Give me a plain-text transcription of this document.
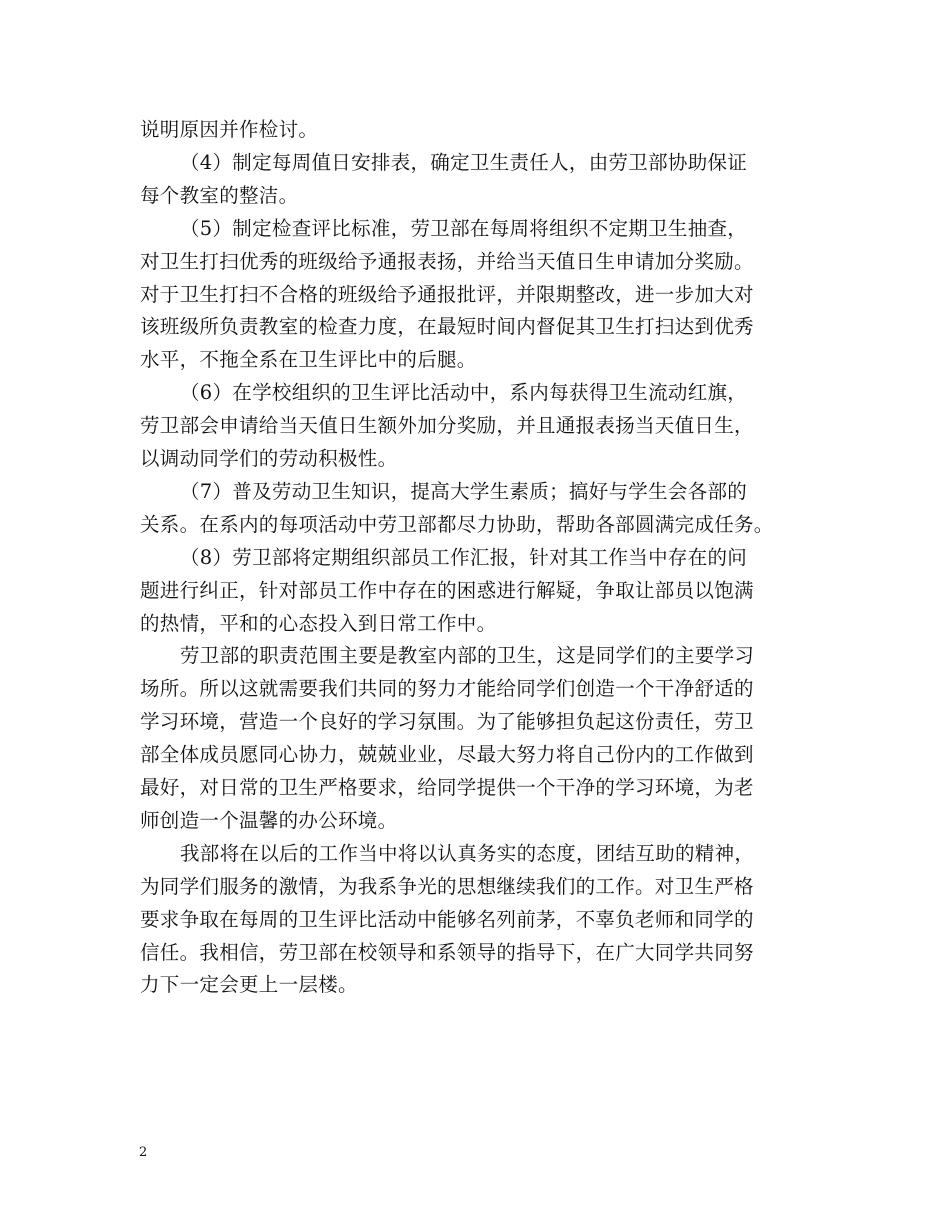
说明原因并作检讨。
（4）制定每周值日安排表，确定卫生责任人，由劳卫部协助保证
每个教室的整洁。
（5）制定检查评比标准，劳卫部在每周将组织不定期卫生抽查，
对卫生打扫优秀的班级给予通报表扬，并给当天值日生申请加分奖励。
对于卫生打扫不合格的班级给予通报批评，并限期整改，进一步加大对
该班级所负责教室的检查力度，在最短时间内督促其卫生打扫达到优秀
水平，不拖全系在卫生评比中的后腿。
（6）在学校组织的卫生评比活动中，系内每获得卫生流动红旗，
劳卫部会申请给当天值日生额外加分奖励，并且通报表扬当天值日生，
以调动同学们的劳动积极性。
（7）普及劳动卫生知识，提高大学生素质；搞好与学生会各部的
关系。在系内的每项活动中劳卫部都尽力协助，帮助各部圆满完成任务。
（8）劳卫部将定期组织部员工作汇报，针对其工作当中存在的问
题进行纠正，针对部员工作中存在的困惑进行解疑，争取让部员以饱满
的热情，平和的心态投入到日常工作中。
劳卫部的职责范围主要是教室内部的卫生，这是同学们的主要学习
场所。所以这就需要我们共同的努力才能给同学们创造一个干净舒适的
学习环境，营造一个良好的学习氛围。为了能够担负起这份责任，劳卫
部全体成员愿同心协力，兢兢业业，尽最大努力将自己份内的工作做到
最好，对日常的卫生严格要求，给同学提供一个干净的学习环境，为老
师创造一个温馨的办公环境。
我部将在以后的工作当中将以认真务实的态度，团结互助的精神，
为同学们服务的激情，为我系争光的思想继续我们的工作。对卫生严格
要求争取在每周的卫生评比活动中能够名列前茅，不辜负老师和同学的
信任。我相信，劳卫部在校领导和系领导的指导下，在广大同学共同努
力下一定会更上一层楼。
2
